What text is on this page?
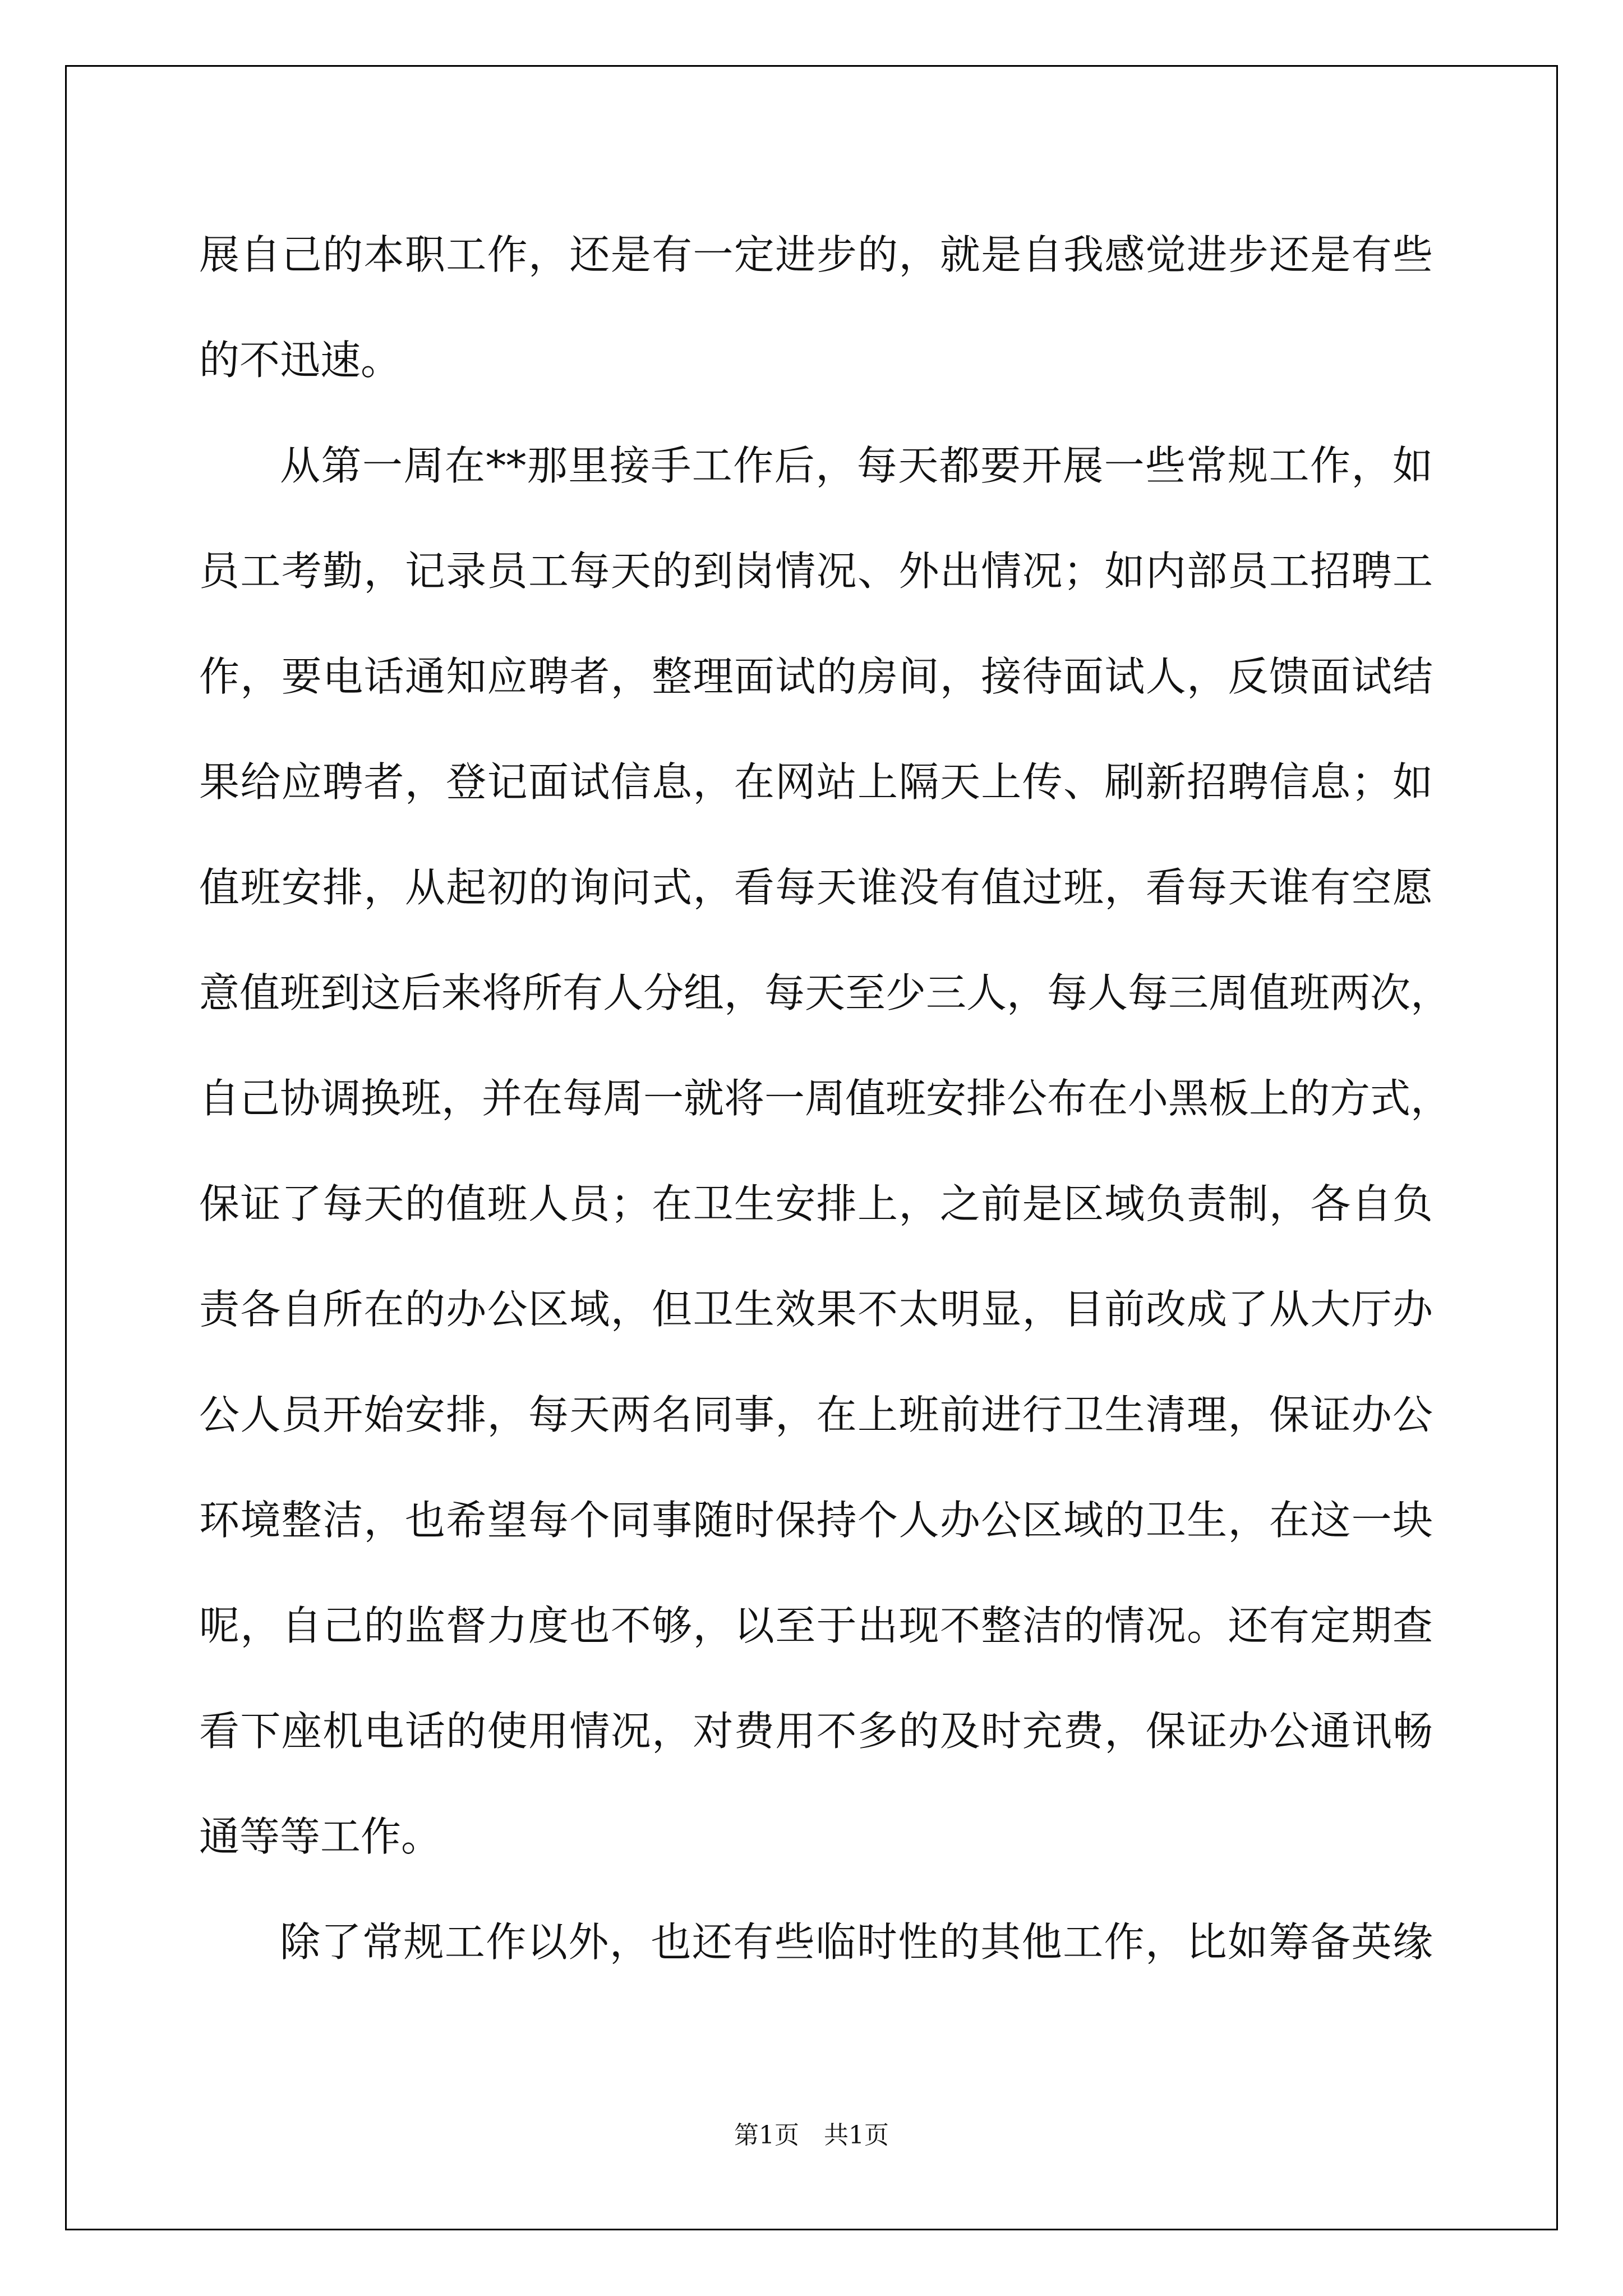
展自己的本职工作，还是有一定进步的，就是自我感觉进步还是有些
的不迅速。
从第一周在**那里接手工作后，每天都要开展一些常规工作，如
员工考勤，记录员工每天的到岗情况、外出情况；如内部员工招聘工
作，要电话通知应聘者，整理面试的房间，接待面试人，反馈面试结
果给应聘者，登记面试信息，在网站上隔天上传、刷新招聘信息；如
值班安排，从起初的询问式，看每天谁没有值过班，看每天谁有空愿
意值班到这后来将所有人分组，每天至少三人，每人每三周值班两次，
自己协调换班，并在每周一就将一周值班安排公布在小黑板上的方式，
保证了每天的值班人员；在卫生安排上，之前是区域负责制，各自负
责各自所在的办公区域，但卫生效果不太明显，目前改成了从大厅办
公人员开始安排，每天两名同事，在上班前进行卫生清理，保证办公
环境整洁，也希望每个同事随时保持个人办公区域的卫生，在这一块
呢，自己的监督力度也不够，以至于出现不整洁的情况。还有定期查
看下座机电话的使用情况，对费用不多的及时充费，保证办公通讯畅
通等等工作。
除了常规工作以外，也还有些临时性的其他工作，比如筹备英缘
第1页 共1页
